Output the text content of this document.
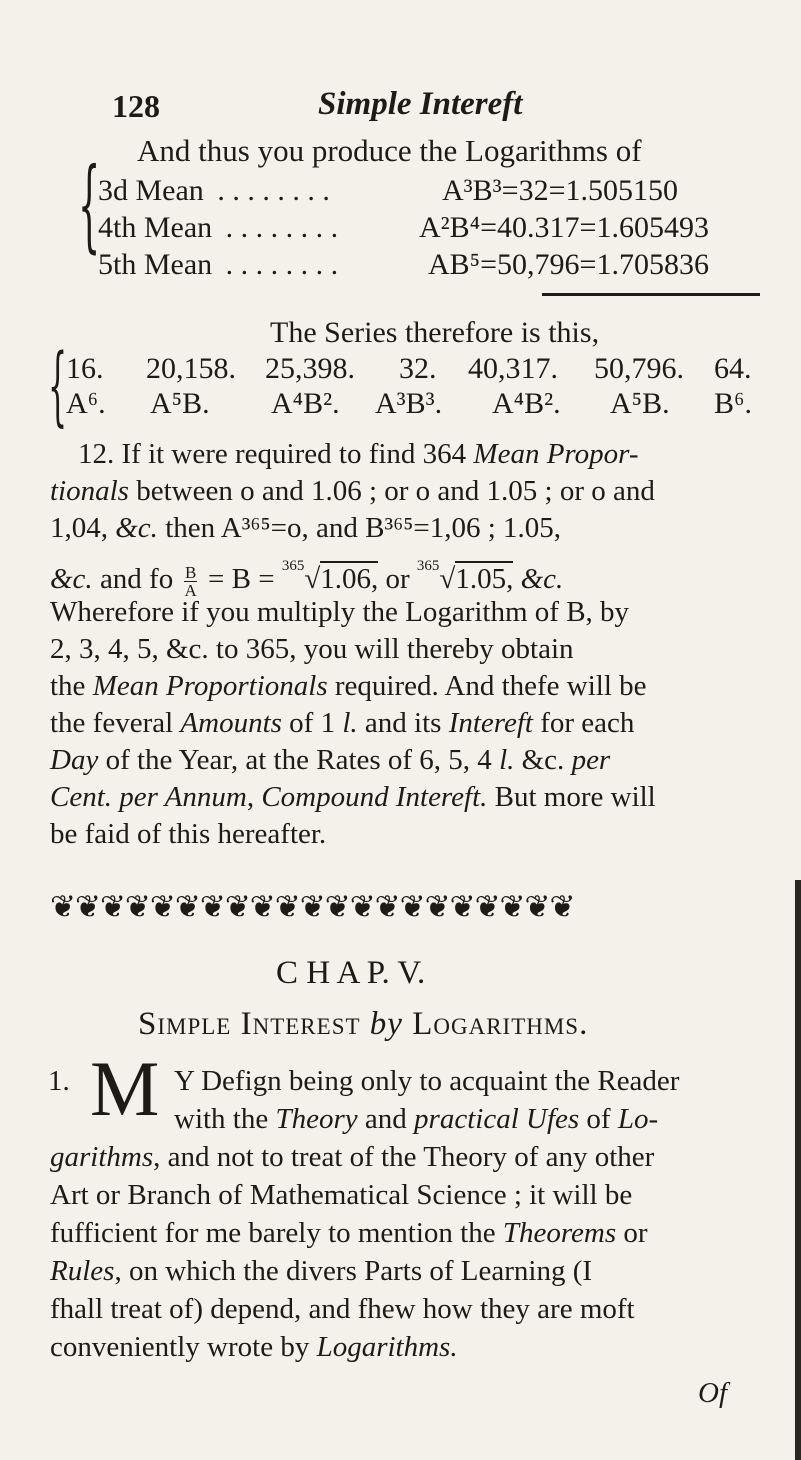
128	Simple Intereft
And thus you produce the Logarithms of
{
3d Mean . . . . . . . .	A³B³=32=1.505150
4th Mean . . . . . . . .	A²B⁴=40.317=1.605493
5th Mean . . . . . . . .	AB⁵=50,796=1.705836
The Series therefore is this,
{
16. 20,158. 25,398. 32. 40,317. 50,796. 64.
A⁶. A⁵B. A⁴B². A³B³. A⁴B². A⁵B. B⁶.
12. If it were required to find 364 Mean Propor-
tionals between o and 1.06 ; or o and 1.05 ; or o and
1,04, &c. then A³⁶⁵=o, and B³⁶⁵=1,06 ; 1.05,
&c. and fo $\frac{B}{A} = B = ^{365}√1.06$, or $^{365}$√1.05, &c.
Wherefore if you multiply the Logarithm of B, by
2, 3, 4, 5, &c. to 365, you will thereby obtain
the Mean Proportionals required. And thefe will be
the feveral Amounts of 1 l. and its Intereft for each
Day of the Year, at the Rates of 6, 5, 4 l. &c. per
Cent. per Annum, Compound Intereft. But more will
be faid of this hereafter.
❦❦❦❦❦❦❦❦❦❦❦❦❦❦❦❦❦❦❦❦❦
C H A P. V.
Simple Interest by Logarithms.
1. M Y Defign being only to acquaint the Reader
with the Theory and practical Ufes of Lo-
garithms, and not to treat of the Theory of any other
Art or Branch of Mathematical Science ; it will be
fufficient for me barely to mention the Theorems or
Rules, on which the divers Parts of Learning (I
fhall treat of) depend, and fhew how they are moft
conveniently wrote by Logarithms.
Of
